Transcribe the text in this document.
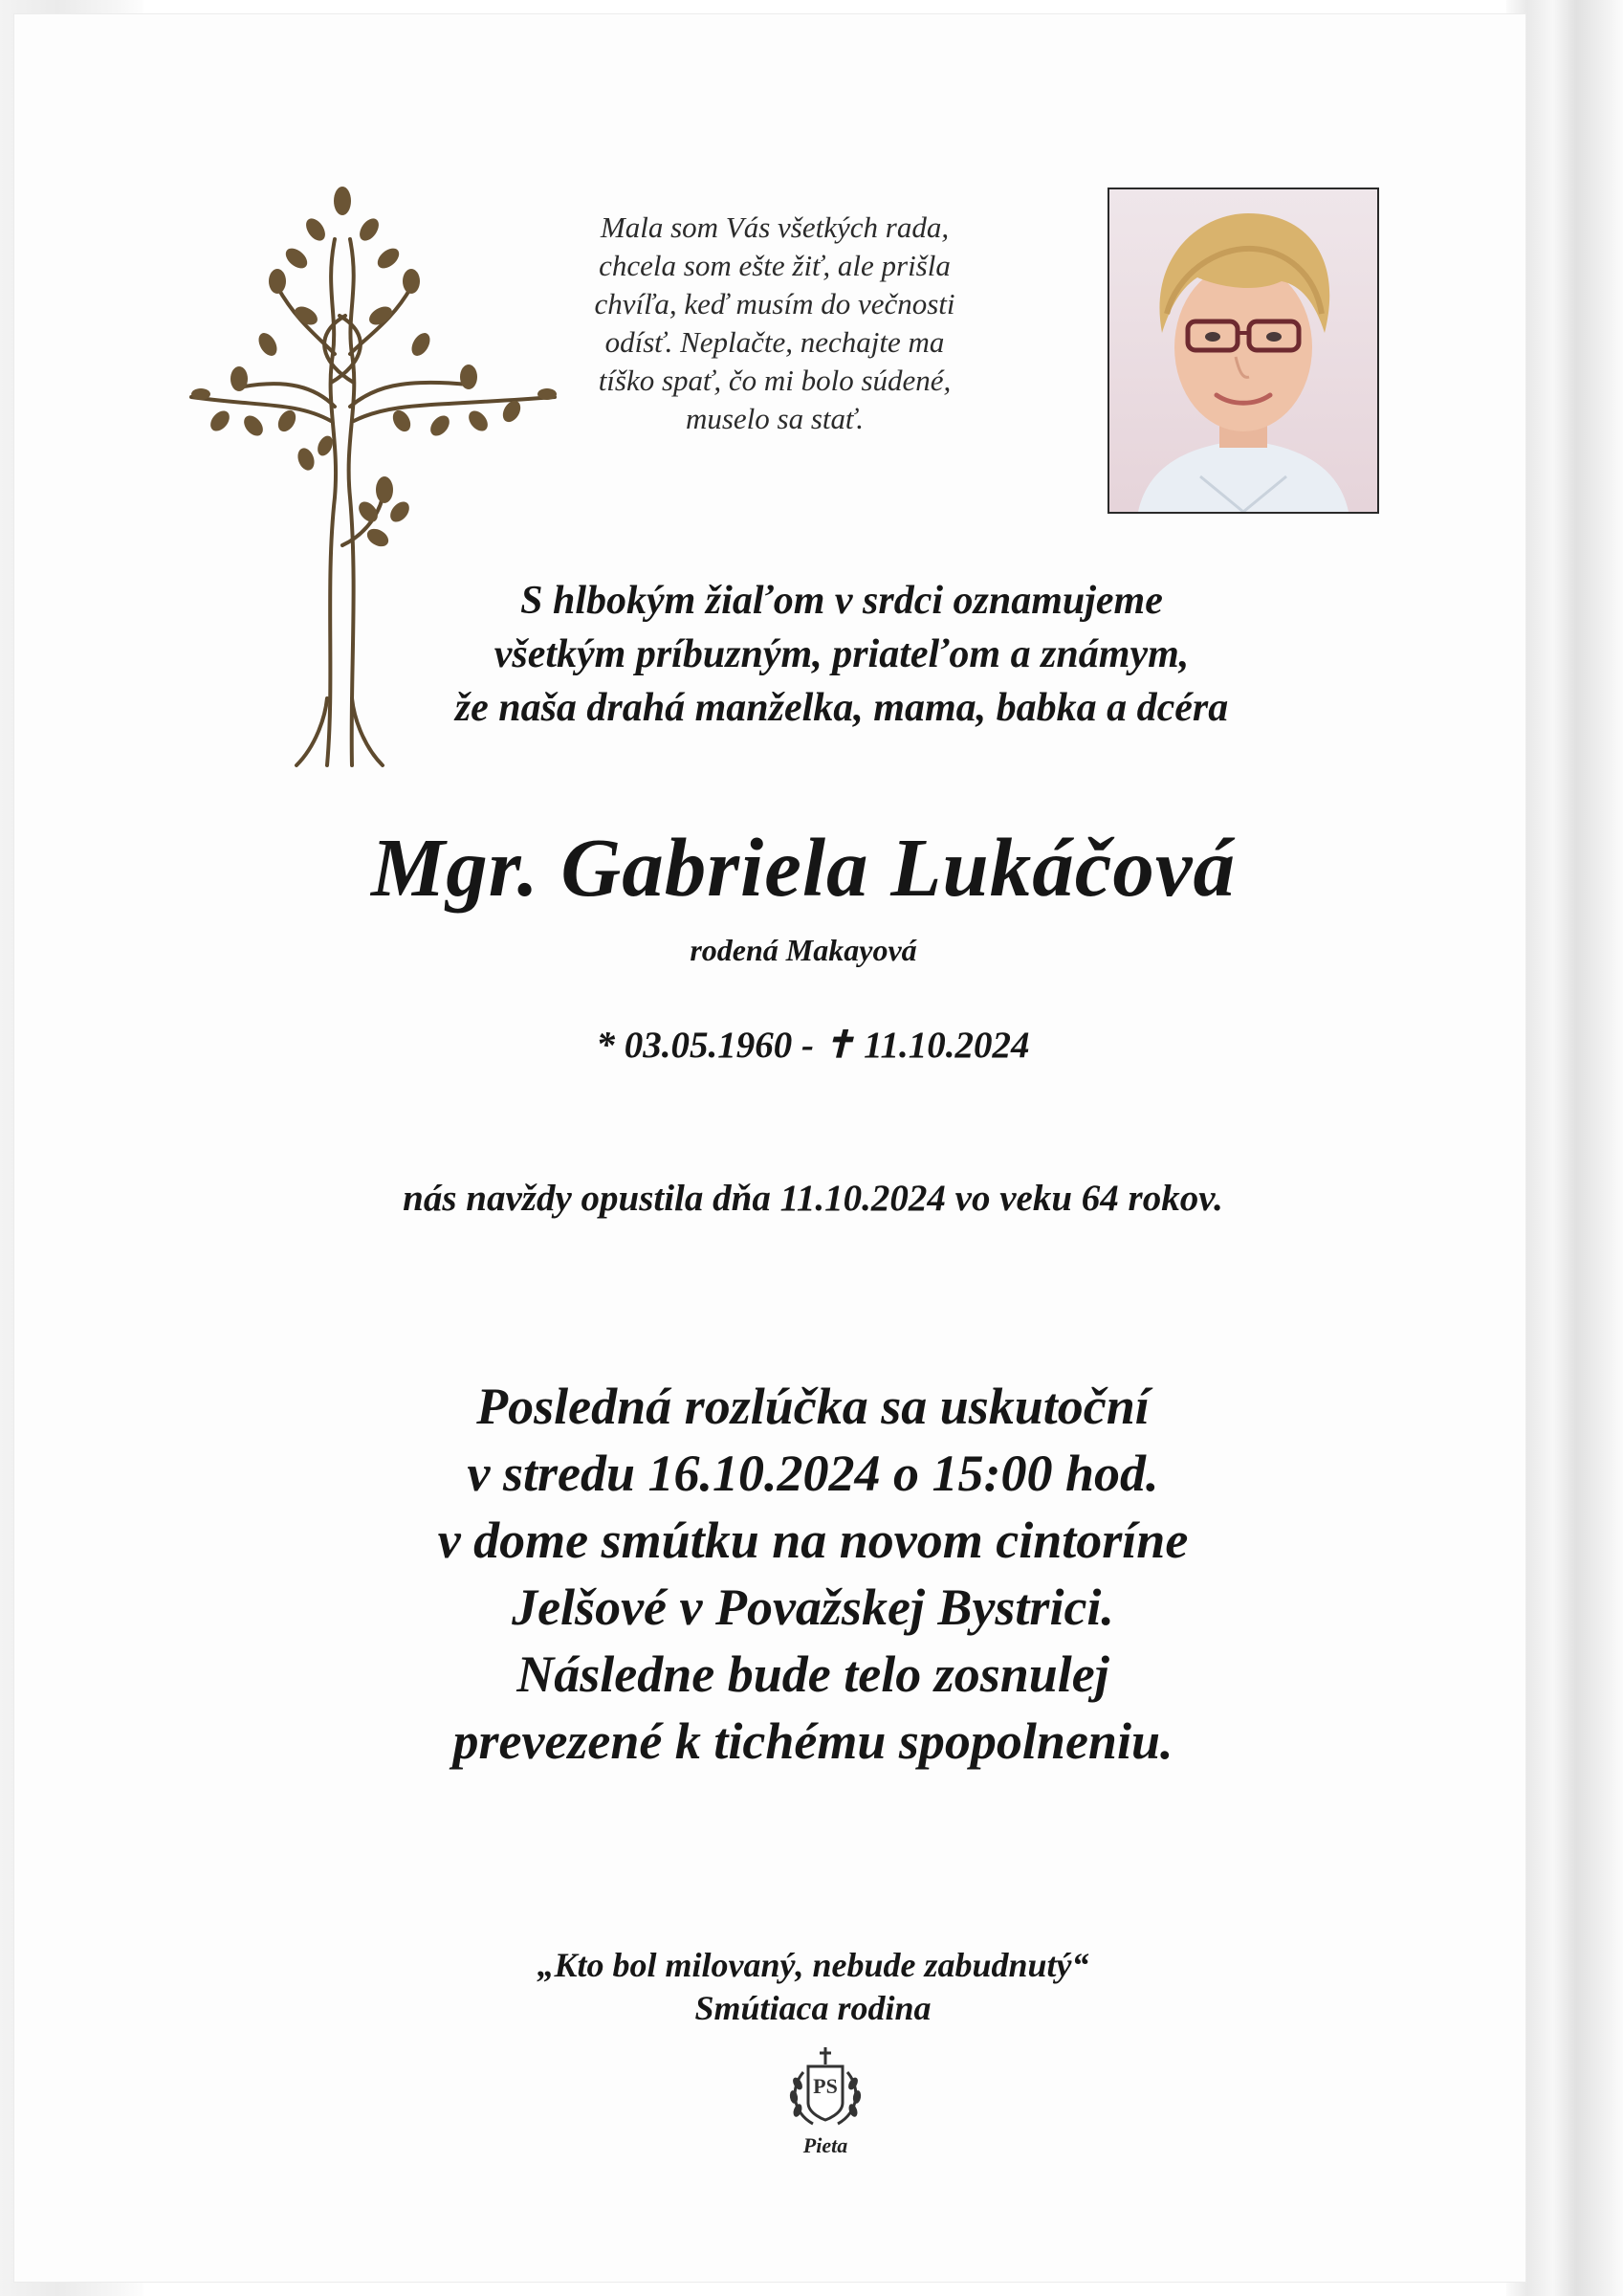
Mala som Vás všetkých rada,
chcela som ešte žiť, ale prišla
chvíľa, keď musím do večnosti
odísť. Neplačte, nechajte ma
tíško spať, čo mi bolo súdené,
muselo sa stať.
S hlbokým žiaľom v srdci oznamujeme
všetkým príbuzným, priateľom a známym,
že naša drahá manželka, mama, babka a dcéra
Mgr. Gabriela Lukáčová
rodená Makayová
* 03.05.1960 - ✝ 11.10.2024
nás navždy opustila dňa 11.10.2024 vo veku 64 rokov.
Posledná rozlúčka sa uskutoční
v stredu 16.10.2024 o 15:00 hod.
v dome smútku na novom cintoríne
Jelšové v Považskej Bystrici.
Následne bude telo zosnulej
prevezené k tichému spopolneniu.
„Kto bol milovaný, nebude zabudnutý“
Smútiaca rodina
PS
Pieta
